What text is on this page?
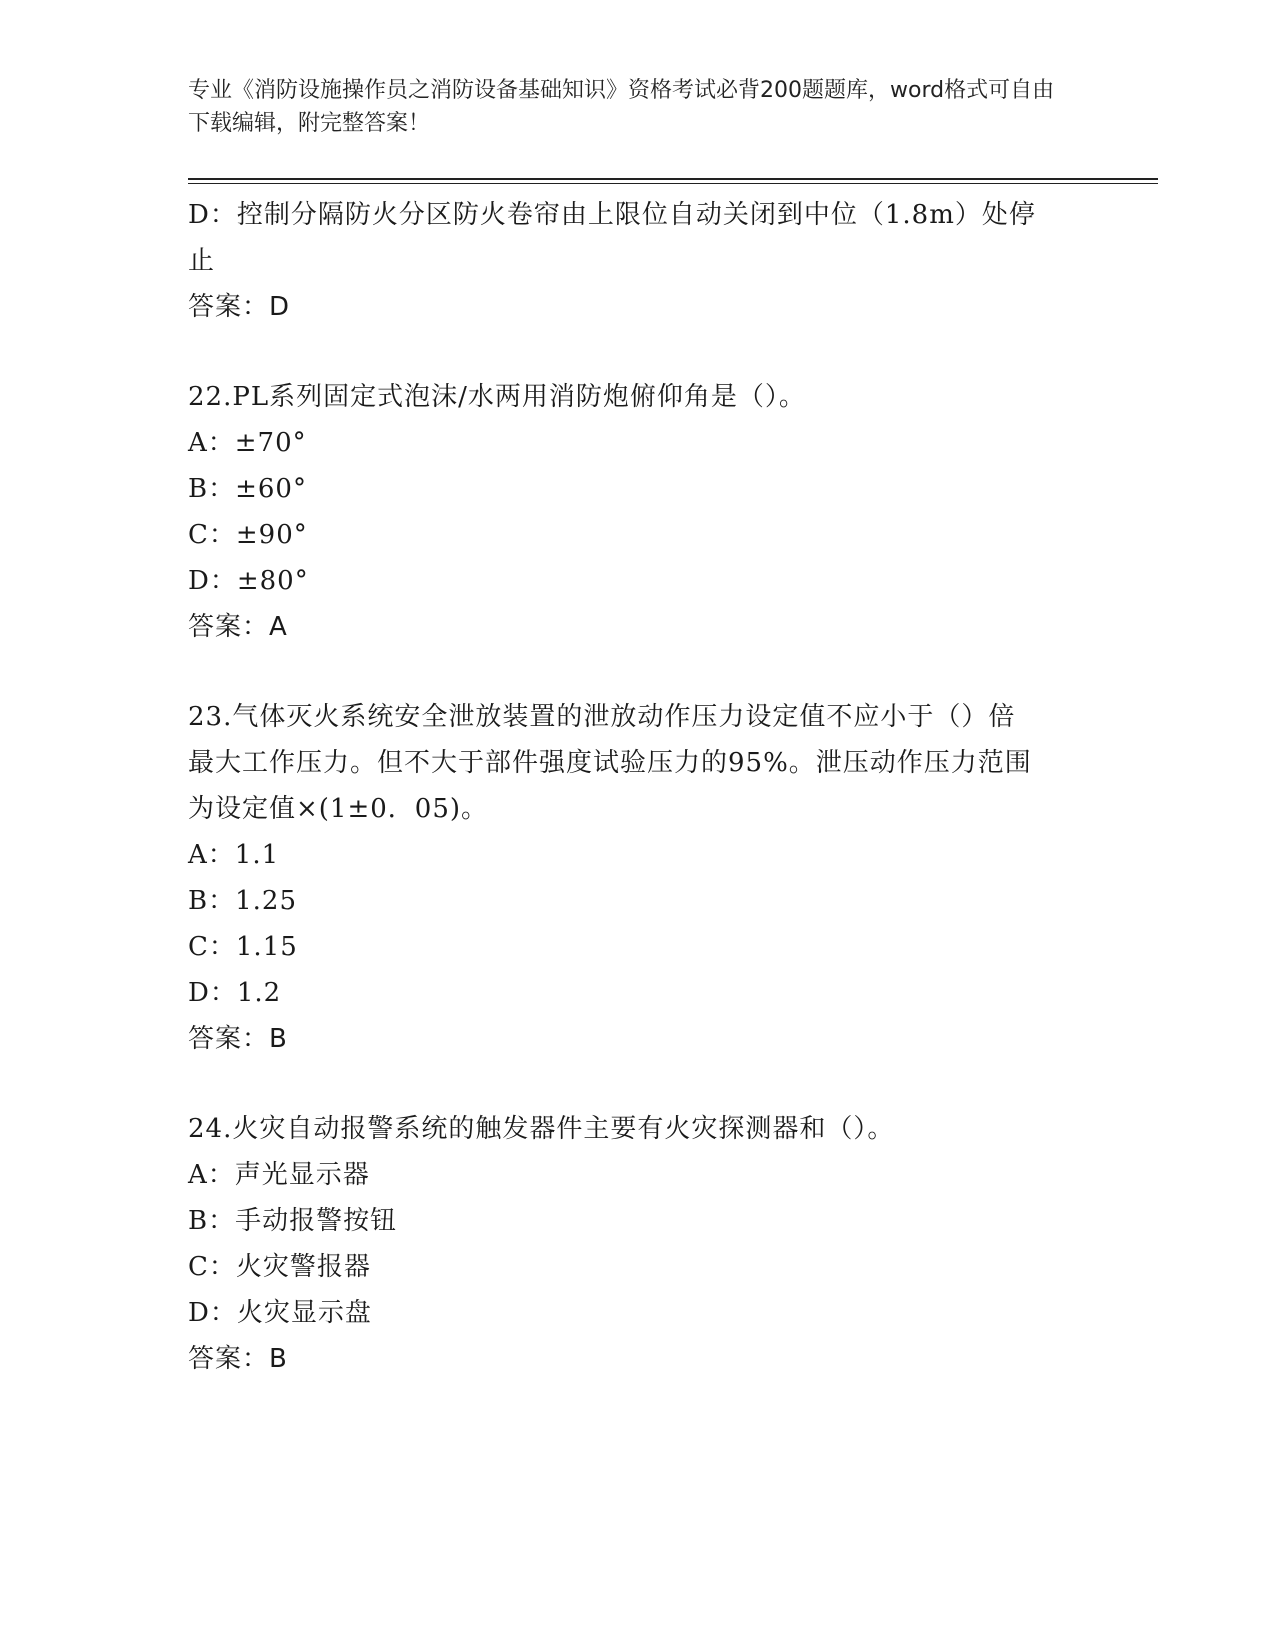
专业《消防设施操作员之消防设备基础知识》资格考试必背200题题库，word格式可自由下载编辑，附完整答案！
D：控制分隔防火分区防火卷帘由上限位自动关闭到中位（1.8m）处停
止
答案：D
22.PL系列固定式泡沫/水两用消防炮俯仰角是（）。
A：±70°
B：±60°
C：±90°
D：±80°
答案：A
23.气体灭火系统安全泄放装置的泄放动作压力设定值不应小于（）倍
最大工作压力。但不大于部件强度试验压力的95%。泄压动作压力范围
为设定值×(1±0．05)。
A：1.1
B：1.25
C：1.15
D：1.2
答案：B
24.火灾自动报警系统的触发器件主要有火灾探测器和（）。
A：声光显示器
B：手动报警按钮
C：火灾警报器
D：火灾显示盘
答案：B
